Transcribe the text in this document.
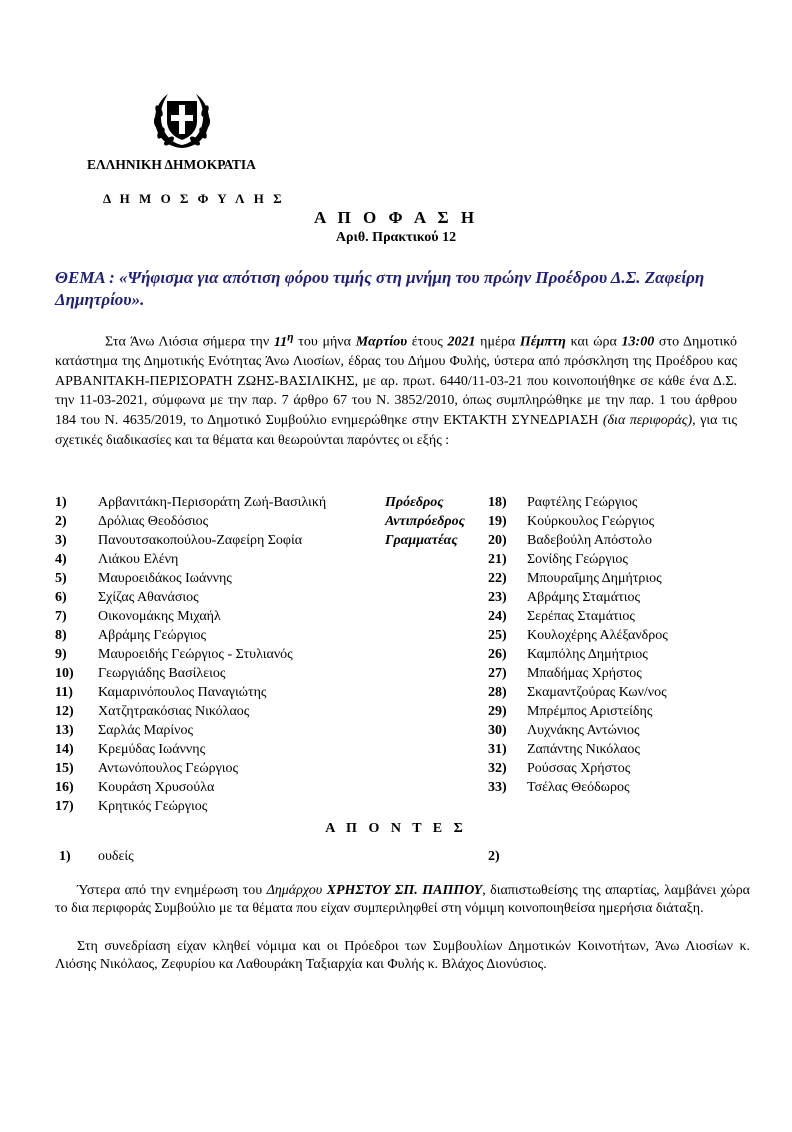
ΕΛΛΗΝΙΚΗ ΔΗΜΟΚΡΑΤΙΑ
Δ Η Μ Ο Σ Φ Υ Λ Η Σ
Α Π Ο Φ Α Σ Η
Αριθ. Πρακτικού 12
ΘΕΜΑ : «Ψήφισμα για απότιση φόρου τιμής στη μνήμη του πρώην Προέδρου Δ.Σ. Ζαφείρη Δημητρίου».
Στα Άνω Λιόσια σήμερα την $11^\eta$ του μήνα Μαρτίου έτους 2021 ημέρα Πέμπτη και ώρα 13:00 στο Δημοτικό κατάστημα της Δημοτικής Ενότητας Άνω Λιοσίων, έδρας του Δήμου Φυλής, ύστερα από πρόσκληση της Προέδρου κας ΑΡΒΑΝΙΤΑΚΗ-ΠΕΡΙΣΟΡΑΤΗ ΖΩΗΣ-ΒΑΣΙΛΙΚΗΣ, με αρ. πρωτ. 6440/11-03-21 που κοινοποιήθηκε σε κάθε ένα Δ.Σ. την 11-03-2021, σύμφωνα με την παρ. 7 άρθρο 67 του Ν. 3852/2010, όπως συμπληρώθηκε με την παρ. 1 του άρθρου 184 του Ν. 4635/2019, το Δημοτικό Συμβούλιο ενημερώθηκε στην ΕΚΤΑΚΤΗ ΣΥΝΕΔΡΙΑΣΗ (δια περιφοράς), για τις σχετικές διαδικασίες και τα θέματα και θεωρούνται παρόντες οι εξής :
1) Αρβανιτάκη-Περισοράτη Ζωή-Βασιλική	Πρόεδρος
2) Δρόλιας Θεοδόσιος	Αντιπρόεδρος
3) Πανουτσακοπούλου-Ζαφείρη Σοφία	Γραμματέας
4) Λιάκου Ελένη
5) Μαυροειδάκος Ιωάννης
6) Σχίζας Αθανάσιος
7) Οικονομάκης Μιχαήλ
8) Αβράμης Γεώργιος
9) Μαυροειδής Γεώργιος - Στυλιανός
10) Γεωργιάδης Βασίλειος
11) Καμαρινόπουλος Παναγιώτης
12) Χατζητρακόσιας Νικόλαος
13) Σαρλάς Μαρίνος
14) Κρεμύδας Ιωάννης
15) Αντωνόπουλος Γεώργιος
16) Κουράση Χρυσούλα
17) Κρητικός Γεώργιος
18) Ραφτέλης Γεώργιος
19) Κούρκουλος Γεώργιος
20) Βαδεβούλη Απόστολο
21) Σονίδης Γεώργιος
22) Μπουραΐμης Δημήτριος
23) Αβράμης Σταμάτιος
24) Σερέπας Σταμάτιος
25) Κουλοχέρης Αλέξανδρος
26) Καμπόλης Δημήτριος
27) Μπαδήμας Χρήστος
28) Σκαμαντζούρας Κων/νος
29) Μπρέμπος Αριστείδης
30) Λυχνάκης Αντώνιος
31) Ζαπάντης Νικόλαος
32) Ρούσσας Χρήστος
33) Τσέλας Θεόδωρος
Α Π Ο Ν Τ Ε Σ
1) ουδείς	2)
Ύστερα από την ενημέρωση του Δημάρχου ΧΡΗΣΤΟΥ ΣΠ. ΠΑΠΠΟΥ, διαπιστωθείσης της απαρτίας, λαμβάνει χώρα το δια περιφοράς Συμβούλιο με τα θέματα που είχαν συμπεριληφθεί στη νόμιμη κοινοποιηθείσα ημερήσια διάταξη.
Στη συνεδρίαση είχαν κληθεί νόμιμα και οι Πρόεδροι των Συμβουλίων Δημοτικών Κοινοτήτων, Άνω Λιοσίων κ. Λιόσης Νικόλαος, Ζεφυρίου κα Λαθουράκη Ταξιαρχία και Φυλής κ. Βλάχος Διονύσιος.
